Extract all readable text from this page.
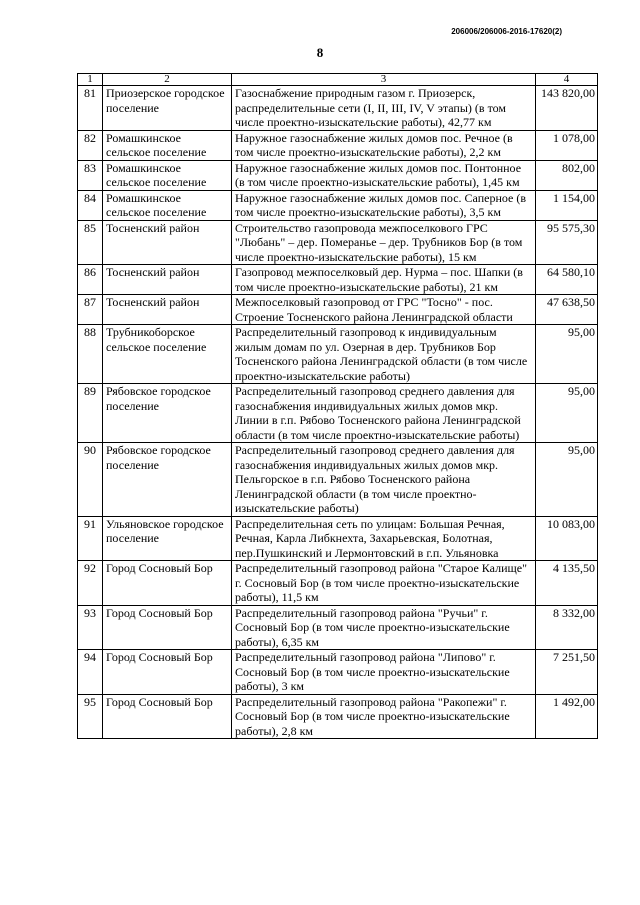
206006/206006-2016-17620(2)
8
1	2	3	4
81	Приозерское городское поселение	Газоснабжение природным газом г. Приозерск, распределительные сети (I, II, III, IV, V этапы) (в том числе проектно-изыскательские работы), 42,77 км	143 820,00
82	Ромашкинское сельское поселение	Наружное газоснабжение жилых домов пос. Речное (в том числе проектно-изыскательские работы), 2,2 км	1 078,00
83	Ромашкинское сельское поселение	Наружное газоснабжение жилых домов пос. Понтонное (в том числе проектно-изыскательские работы), 1,45 км	802,00
84	Ромашкинское сельское поселение	Наружное газоснабжение жилых домов пос. Саперное (в том числе проектно-изыскательские работы), 3,5 км	1 154,00
85	Тосненский район	Строительство газопровода межпоселкового ГРС "Любань" – дер. Померанье – дер. Трубников Бор (в том числе проектно-изыскательские работы), 15 км	95 575,30
86	Тосненский район	Газопровод межпоселковый дер. Нурма – пос. Шапки (в том числе проектно-изыскательские работы), 21 км	64 580,10
87	Тосненский район	Межпоселковый газопровод от ГРС "Тосно" - пос. Строение Тосненского района Ленинградской области	47 638,50
88	Трубникоборское сельское поселение	Распределительный газопровод к индивидуальным жилым домам по ул. Озерная в дер. Трубников Бор Тосненского района Ленинградской области (в том числе проектно-изыскательские работы)	95,00
89	Рябовское городское поселение	Распределительный газопровод среднего давления для газоснабжения индивидуальных жилых домов мкр. Линии в г.п. Рябово Тосненского района Ленинградской области (в том числе проектно-изыскательские работы)	95,00
90	Рябовское городское поселение	Распределительный газопровод среднего давления для газоснабжения индивидуальных жилых домов мкр. Пельгорское в г.п. Рябово Тосненского района Ленинградской области (в том числе проектно-изыскательские работы)	95,00
91	Ульяновское городское поселение	Распределительная сеть по улицам: Большая Речная, Речная, Карла Либкнехта, Захарьевская, Болотная, пер.Пушкинский и Лермонтовский в г.п. Ульяновка	10 083,00
92	Город Сосновый Бор	Распределительный газопровод района "Старое Калище" г. Сосновый Бор (в том числе проектно-изыскательские работы), 11,5 км	4 135,50
93	Город Сосновый Бор	Распределительный газопровод района "Ручьи" г. Сосновый Бор (в том числе проектно-изыскательские работы), 6,35 км	8 332,00
94	Город Сосновый Бор	Распределительный газопровод района "Липово" г. Сосновый Бор (в том числе проектно-изыскательские работы), 3 км	7 251,50
95	Город Сосновый Бор	Распределительный газопровод района "Ракопежи" г. Сосновый Бор (в том числе проектно-изыскательские работы), 2,8 км	1 492,00
